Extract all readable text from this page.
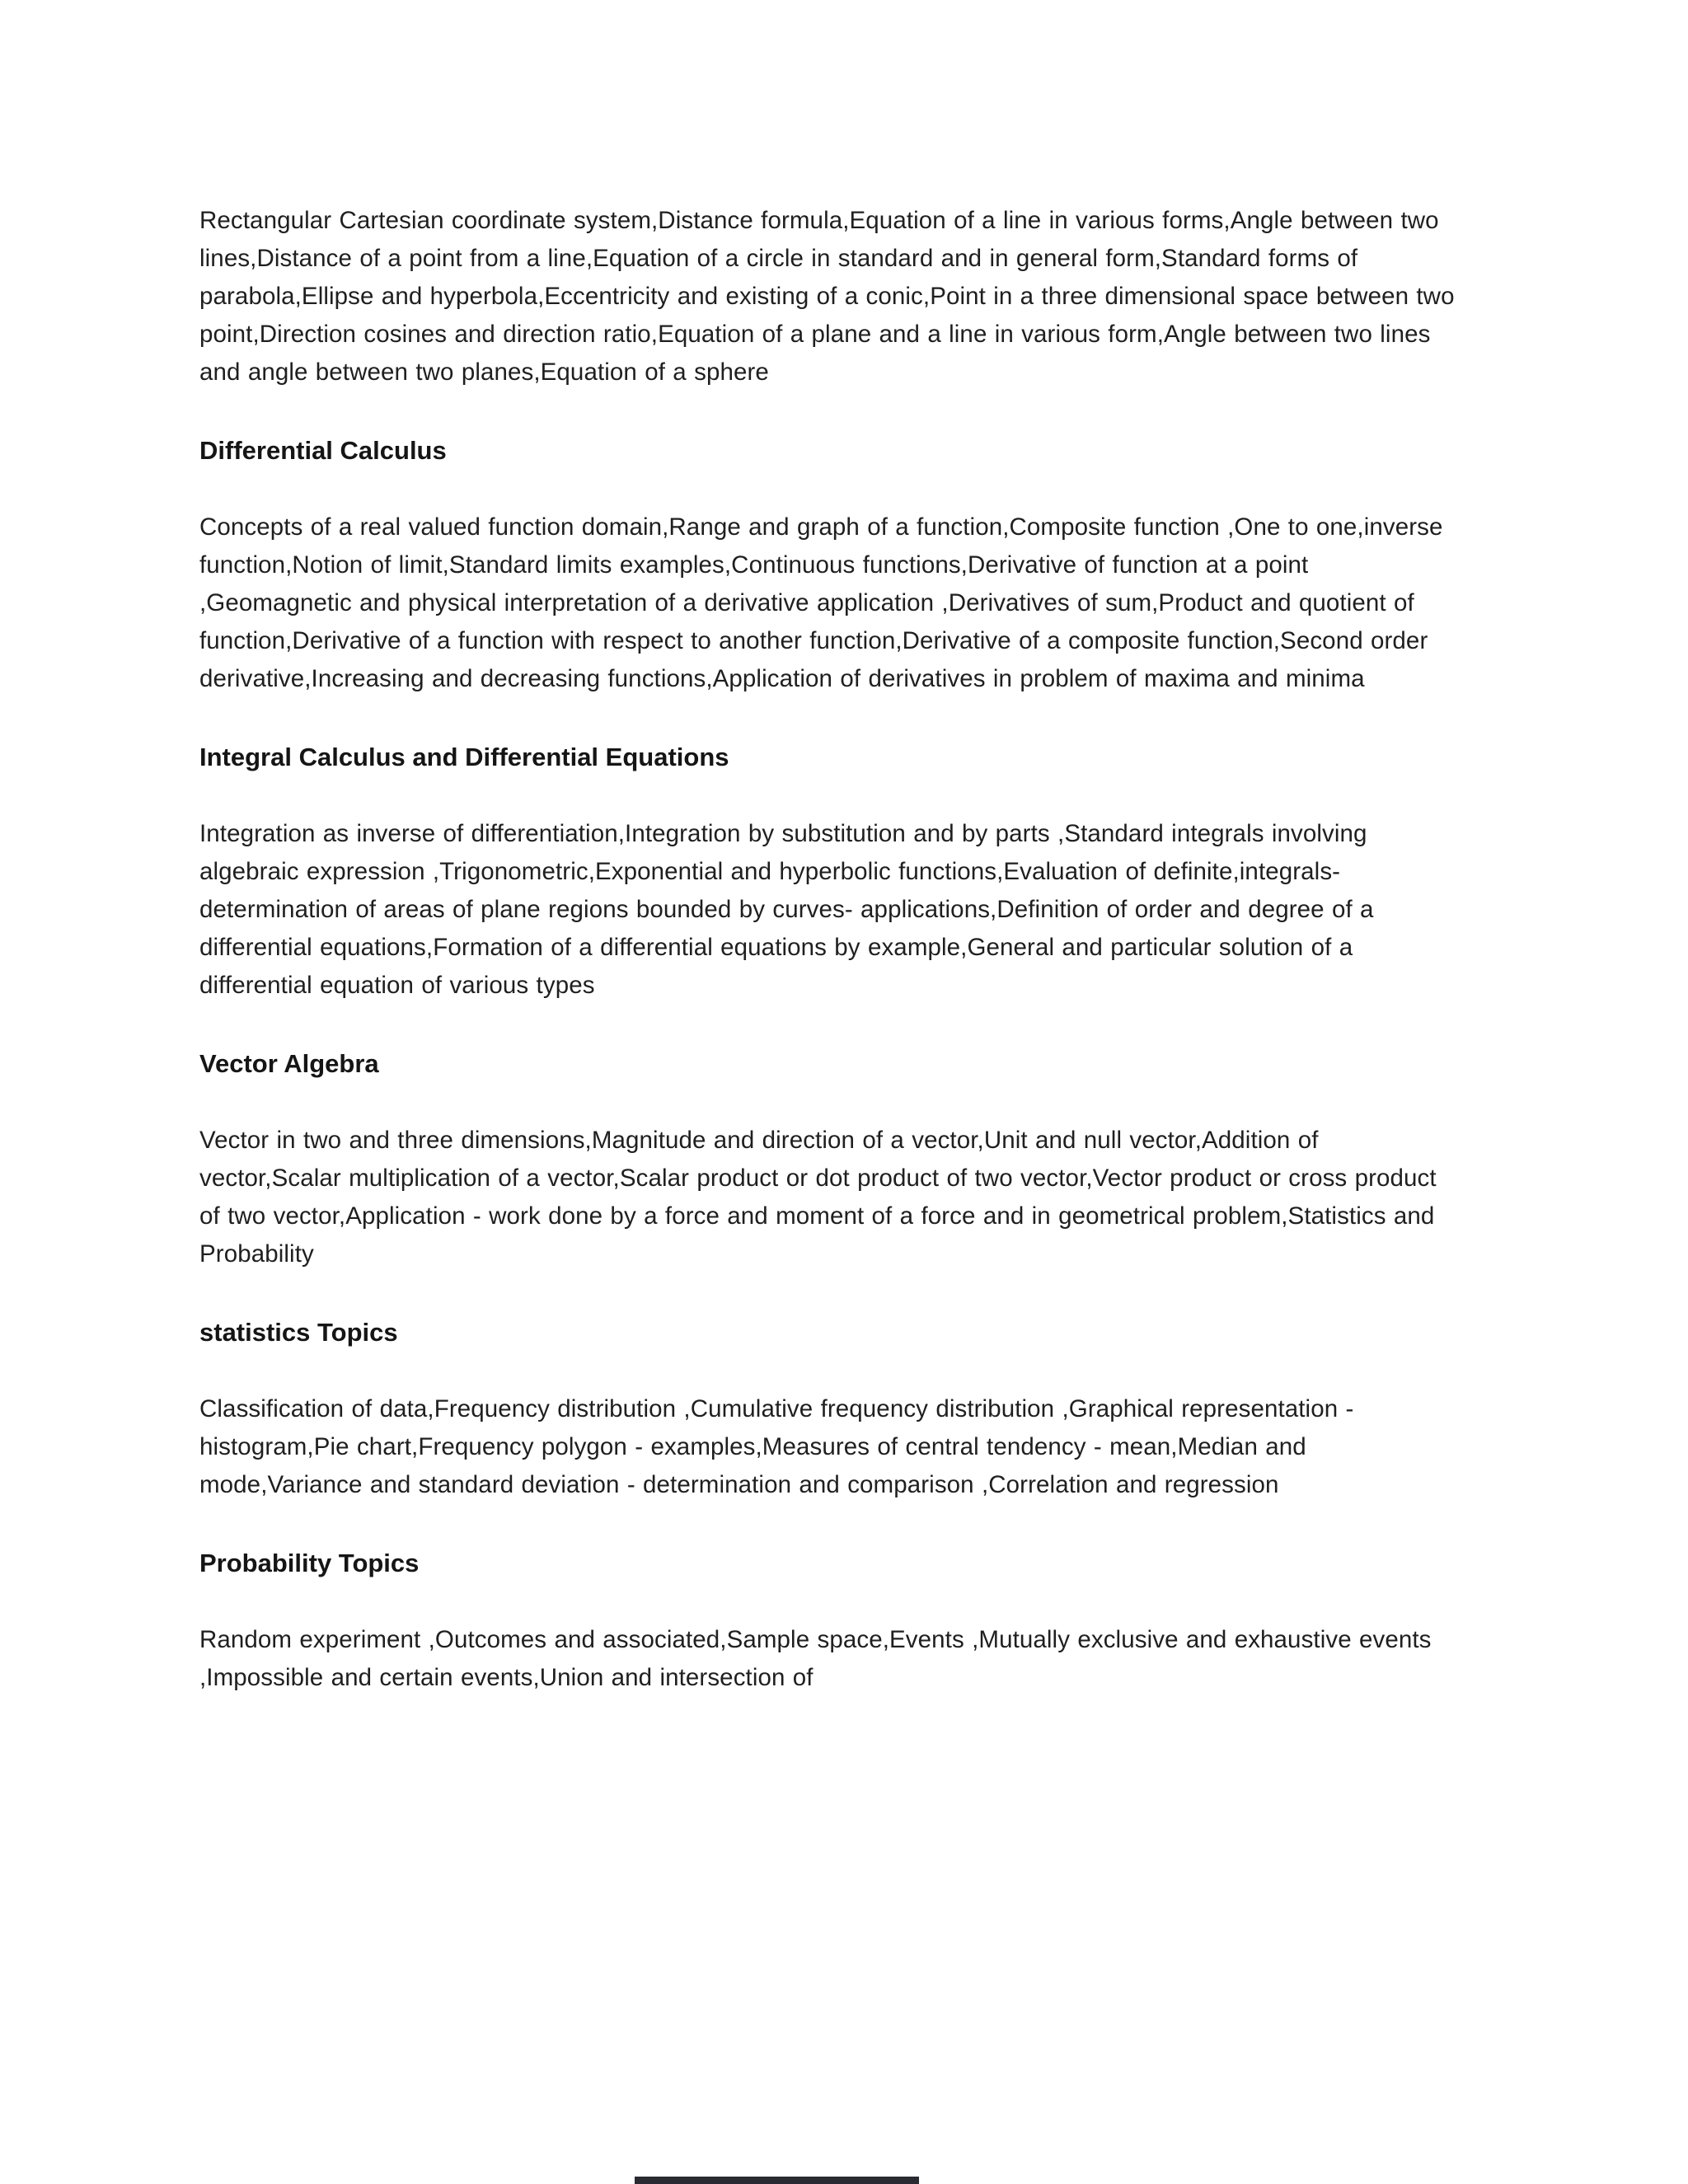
Rectangular Cartesian coordinate system,Distance formula,Equation of a line in various forms,Angle between two lines,Distance of a point from a line,Equation of a circle in standard and in general form,Standard forms of parabola,Ellipse and hyperbola,Eccentricity and existing of a conic,Point in a three dimensional space between two point,Direction cosines and direction ratio,Equation of a plane and a line in various form,Angle between two lines and angle between two planes,Equation of a sphere

Differential Calculus

Concepts of a real valued function domain,Range and graph of a function,Composite function ,One to one,inverse function,Notion of limit,Standard limits examples,Continuous functions,Derivative of function at a point ,Geomagnetic and physical interpretation of a derivative application ,Derivatives of sum,Product and quotient of function,Derivative of a function with respect to another function,Derivative of a composite function,Second order derivative,Increasing and decreasing functions,Application of derivatives in problem of maxima and minima

Integral Calculus and Differential Equations

Integration as inverse of differentiation,Integration by substitution and by parts ,Standard integrals involving algebraic expression ,Trigonometric,Exponential and hyperbolic functions,Evaluation of definite,integrals-determination of areas of plane regions bounded by curves- applications,Definition of order and degree of a differential equations,Formation of a differential equations by example,General and particular solution of a differential equation of various types

Vector Algebra

Vector in two and three dimensions,Magnitude and direction of a vector,Unit and null vector,Addition of vector,Scalar multiplication of a vector,Scalar product or dot product of two vector,Vector product or cross product of two vector,Application - work done by a force and moment of a force and in geometrical problem,Statistics and Probability

statistics Topics

Classification of data,Frequency distribution ,Cumulative frequency distribution ,Graphical representation - histogram,Pie chart,Frequency polygon - examples,Measures of central tendency - mean,Median and mode,Variance and standard deviation - determination and comparison ,Correlation and regression

Probability Topics

Random experiment ,Outcomes and associated,Sample space,Events ,Mutually exclusive and exhaustive events ,Impossible and certain events,Union and intersection of
